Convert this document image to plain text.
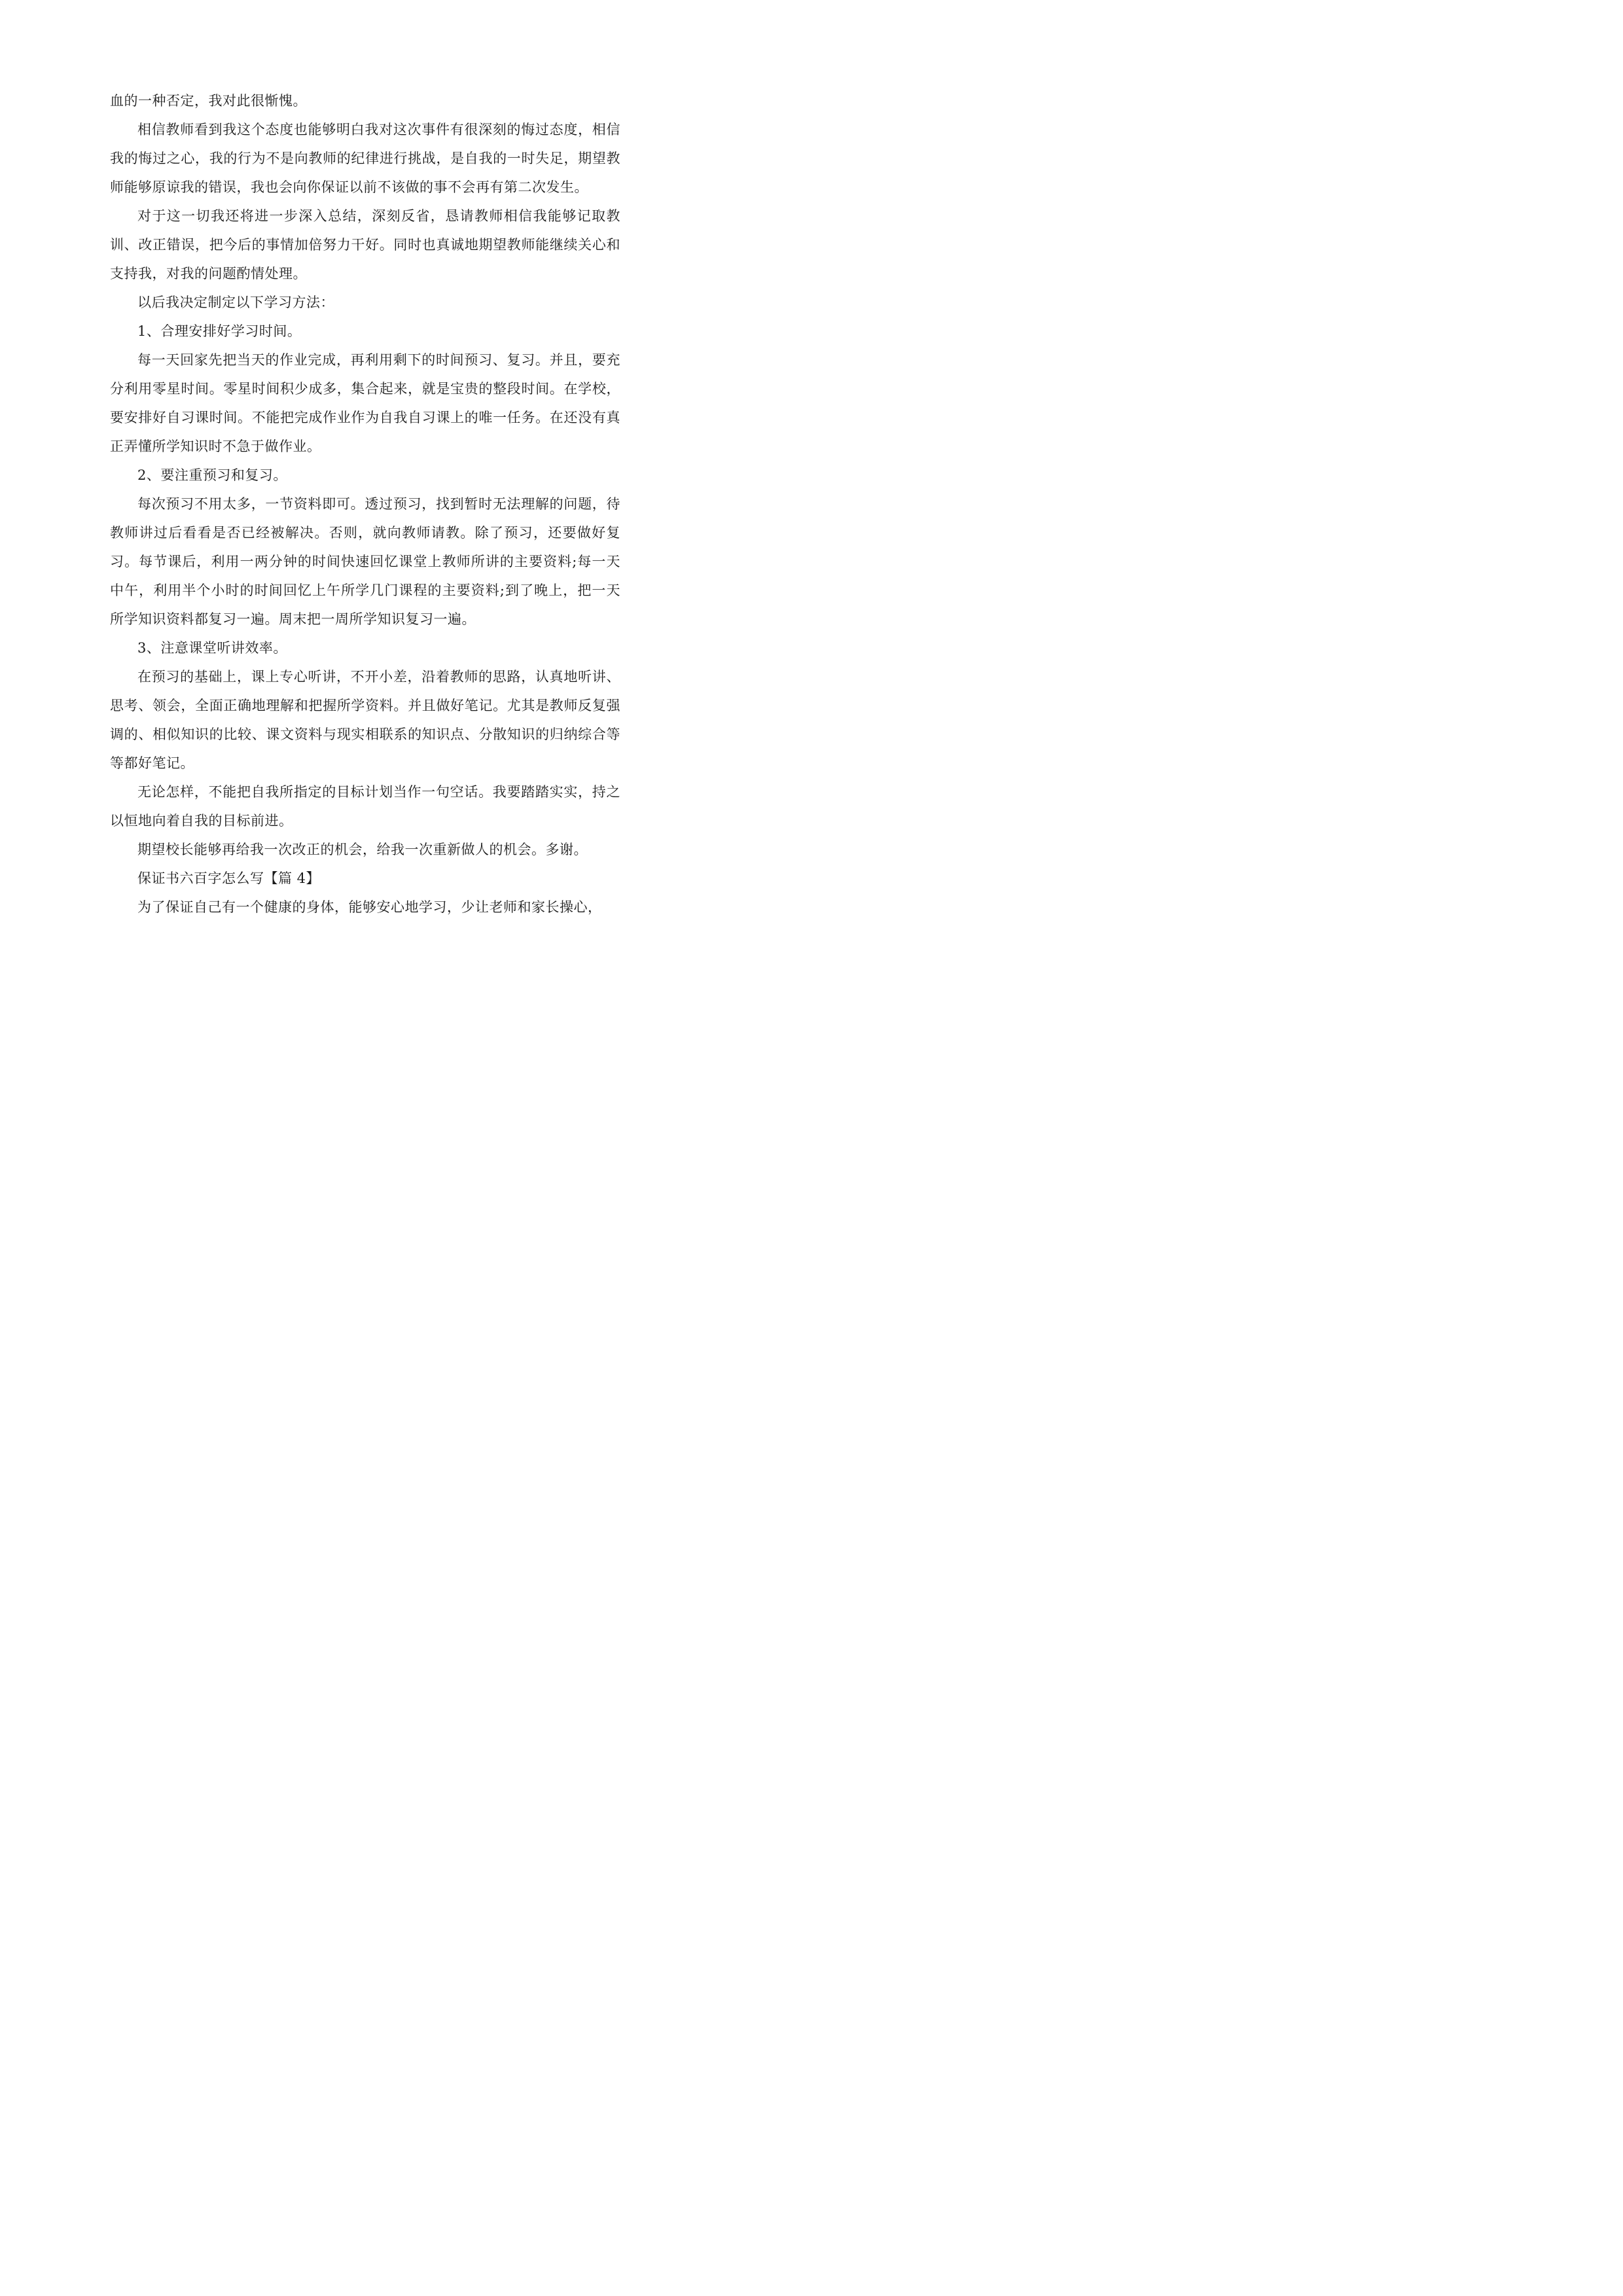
血的一种否定，我对此很惭愧。

相信教师看到我这个态度也能够明白我对这次事件有很深刻的悔过态度，相信我的悔过之心，我的行为不是向教师的纪律进行挑战，是自我的一时失足，期望教师能够原谅我的错误，我也会向你保证以前不该做的事不会再有第二次发生。

对于这一切我还将进一步深入总结，深刻反省，恳请教师相信我能够记取教训、改正错误，把今后的事情加倍努力干好。同时也真诚地期望教师能继续关心和支持我，对我的问题酌情处理。

以后我决定制定以下学习方法：

1、合理安排好学习时间。

每一天回家先把当天的作业完成，再利用剩下的时间预习、复习。并且，要充分利用零星时间。零星时间积少成多，集合起来，就是宝贵的整段时间。在学校，要安排好自习课时间。不能把完成作业作为自我自习课上的唯一任务。在还没有真正弄懂所学知识时不急于做作业。

2、要注重预习和复习。

每次预习不用太多，一节资料即可。透过预习，找到暂时无法理解的问题，待教师讲过后看看是否已经被解决。否则，就向教师请教。除了预习，还要做好复习。每节课后，利用一两分钟的时间快速回忆课堂上教师所讲的主要资料;每一天中午，利用半个小时的时间回忆上午所学几门课程的主要资料;到了晚上，把一天所学知识资料都复习一遍。周末把一周所学知识复习一遍。

3、注意课堂听讲效率。

在预习的基础上，课上专心听讲，不开小差，沿着教师的思路，认真地听讲、思考、领会，全面正确地理解和把握所学资料。并且做好笔记。尤其是教师反复强调的、相似知识的比较、课文资料与现实相联系的知识点、分散知识的归纳综合等等都好笔记。

无论怎样，不能把自我所指定的目标计划当作一句空话。我要踏踏实实，持之以恒地向着自我的目标前进。

期望校长能够再给我一次改正的机会，给我一次重新做人的机会。多谢。

保证书六百字怎么写【篇 4】

为了保证自己有一个健康的身体，能够安心地学习，少让老师和家长操心，
